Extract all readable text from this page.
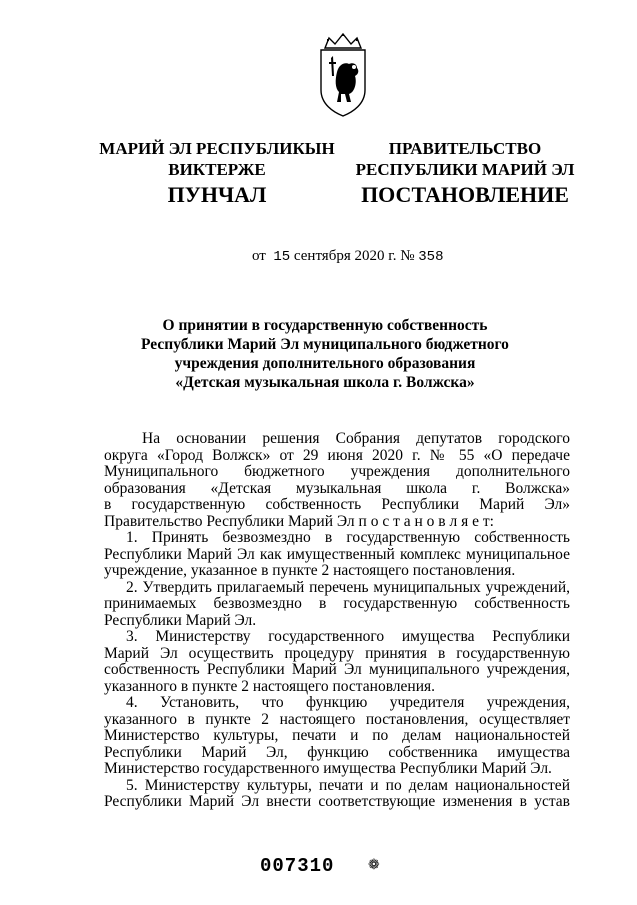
МАРИЙ ЭЛ РЕСПУБЛИКЫН
ВИКТЕРЖЕ
ПРАВИТЕЛЬСТВО
РЕСПУБЛИКИ МАРИЙ ЭЛ
ПУНЧАЛ	ПОСТАНОВЛЕНИЕ
от 15 сентября 2020 г. № 358
О принятии в государственную собственность
Республики Марий Эл муниципального бюджетного
учреждения дополнительного образования
«Детская музыкальная школа г. Волжска»
На основании решения Собрания депутатов городского
округа «Город Волжск» от 29 июня 2020 г. № 55 «О передаче
Муниципального бюджетного учреждения дополнительного
образования «Детская музыкальная школа г. Волжска»
в государственную собственность Республики Марий Эл»
Правительство Республики Марий Эл п о с т а н о в л я е т:
1. Принять безвозмездно в государственную собственность
Республики Марий Эл как имущественный комплекс муниципальное
учреждение, указанное в пункте 2 настоящего постановления.
2. Утвердить прилагаемый перечень муниципальных учреждений,
принимаемых безвозмездно в государственную собственность
Республики Марий Эл.
3. Министерству государственного имущества Республики
Марий Эл осуществить процедуру принятия в государственную
собственность Республики Марий Эл муниципального учреждения,
указанного в пункте 2 настоящего постановления.
4. Установить, что функцию учредителя учреждения,
указанного в пункте 2 настоящего постановления, осуществляет
Министерство культуры, печати и по делам национальностей
Республики Марий Эл, функцию собственника имущества
Министерство государственного имущества Республики Марий Эл.
5. Министерству культуры, печати и по делам национальностей
Республики Марий Эл внести соответствующие изменения в устав
007310 ❁
